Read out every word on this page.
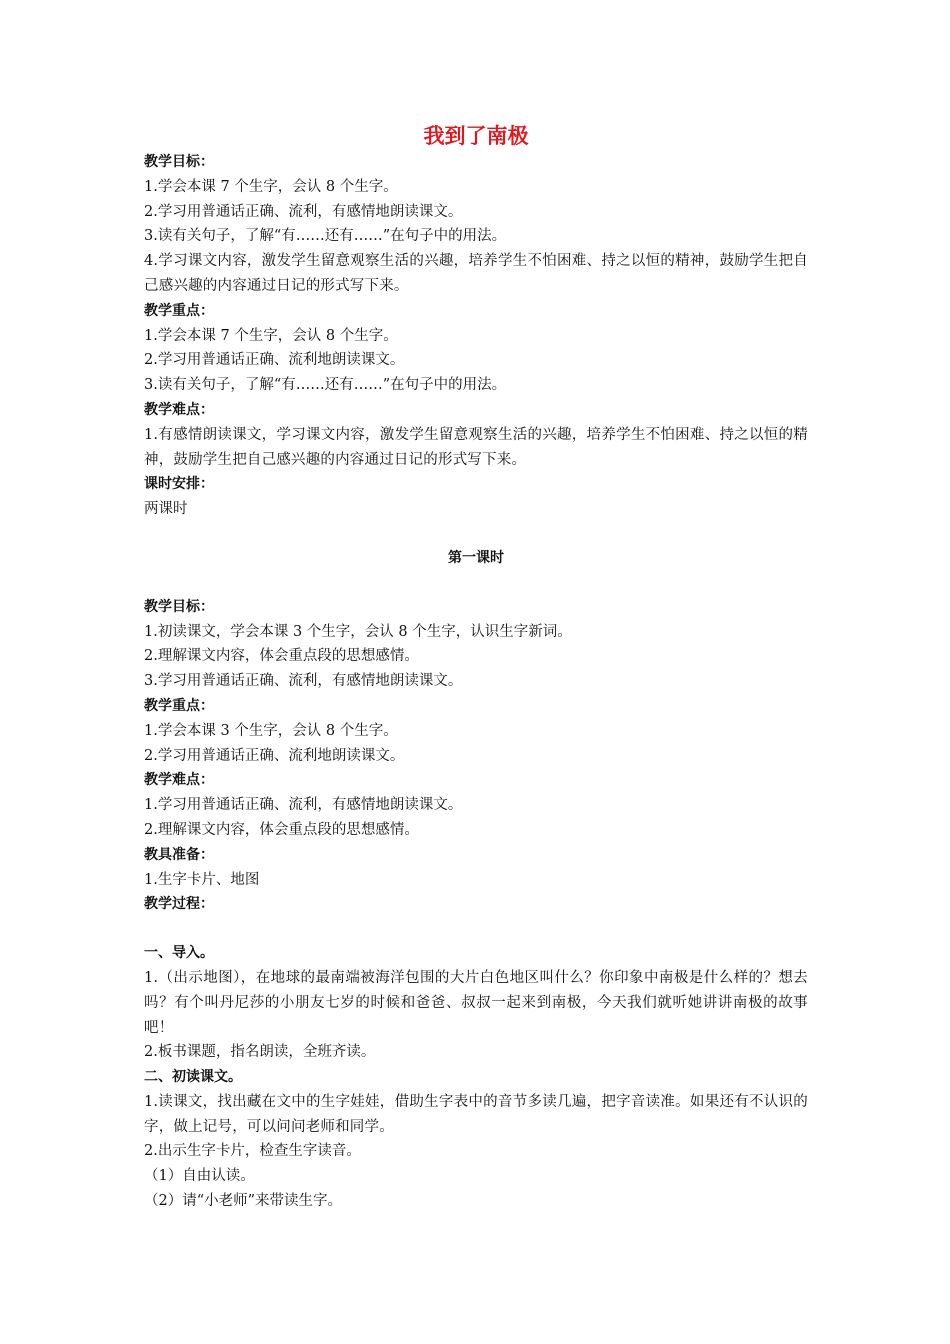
我到了南极

教学目标：

1.学会本课 7 个生字，会认 8 个生字。

2.学习用普通话正确、流利，有感情地朗读课文。

3.读有关句子，了解“有……还有……”在句子中的用法。

4.学习课文内容，激发学生留意观察生活的兴趣，培养学生不怕困难、持之以恒的精神，鼓励学生把自己感兴趣的内容通过日记的形式写下来。

教学重点：

1.学会本课 7 个生字，会认 8 个生字。

2.学习用普通话正确、流利地朗读课文。

3.读有关句子，了解“有……还有……”在句子中的用法。

教学难点：

1.有感情朗读课文，学习课文内容，激发学生留意观察生活的兴趣，培养学生不怕困难、持之以恒的精神，鼓励学生把自己感兴趣的内容通过日记的形式写下来。

课时安排：

两课时

第一课时

教学目标：

1.初读课文，学会本课 3 个生字，会认 8 个生字，认识生字新词。

2.理解课文内容，体会重点段的思想感情。

3.学习用普通话正确、流利，有感情地朗读课文。

教学重点：

1.学会本课 3 个生字，会认 8 个生字。

2.学习用普通话正确、流利地朗读课文。

教学难点：

1.学习用普通话正确、流利，有感情地朗读课文。

2.理解课文内容，体会重点段的思想感情。

教具准备：

1.生字卡片、地图

教学过程：

一、导入。

1.（出示地图），在地球的最南端被海洋包围的大片白色地区叫什么？你印象中南极是什么样的？想去吗？有个叫丹尼莎的小朋友七岁的时候和爸爸、叔叔一起来到南极，今天我们就听她讲讲南极的故事吧！

2.板书课题，指名朗读，全班齐读。

二、初读课文。

1.读课文，找出藏在文中的生字娃娃，借助生字表中的音节多读几遍，把字音读准。如果还有不认识的字，做上记号，可以问问老师和同学。

2.出示生字卡片，检查生字读音。

（1）自由认读。

（2）请“小老师”来带读生字。
